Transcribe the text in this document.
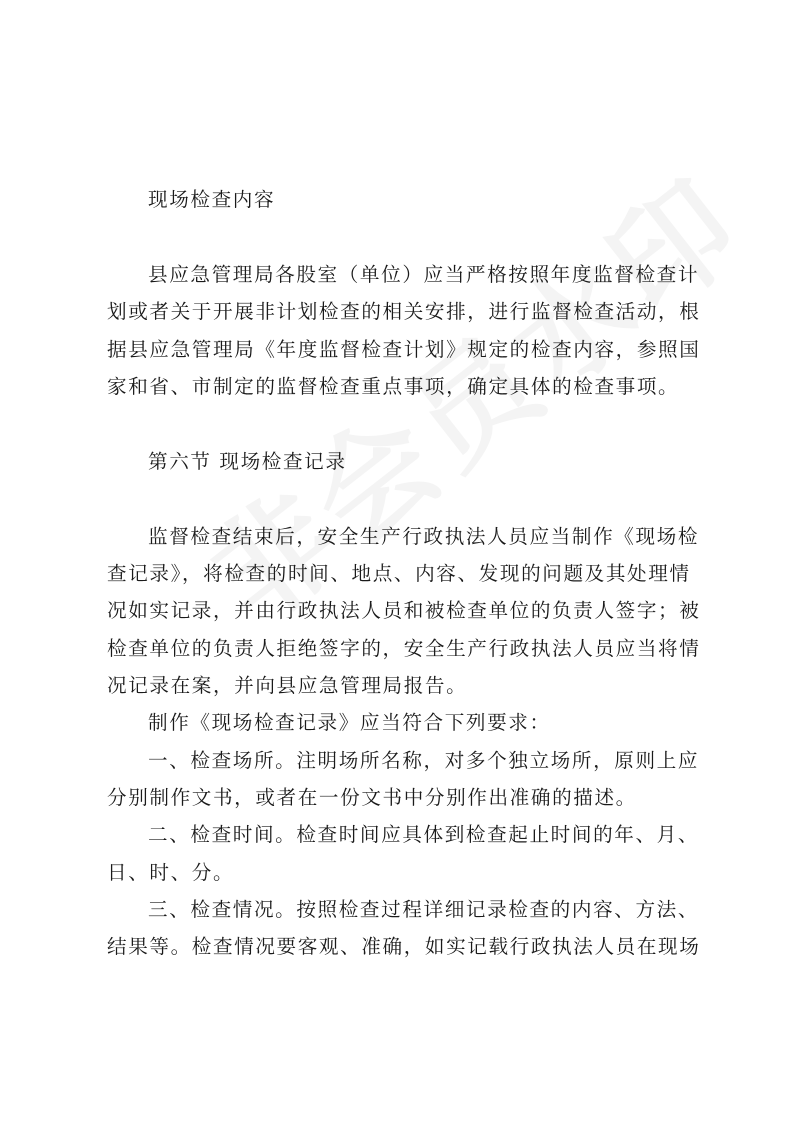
现场检查内容
县应急管理局各股室（单位）应当严格按照年度监督检查计
划或者关于开展非计划检查的相关安排，进行监督检查活动，根
据县应急管理局《年度监督检查计划》规定的检查内容，参照国
家和省、市制定的监督检查重点事项，确定具体的检查事项。
第六节 现场检查记录
监督检查结束后，安全生产行政执法人员应当制作《现场检
查记录》，将检查的时间、地点、内容、发现的问题及其处理情
况如实记录，并由行政执法人员和被检查单位的负责人签字；被
检查单位的负责人拒绝签字的，安全生产行政执法人员应当将情
况记录在案，并向县应急管理局报告。
制作《现场检查记录》应当符合下列要求：
一、检查场所。注明场所名称，对多个独立场所，原则上应
分别制作文书，或者在一份文书中分别作出准确的描述。
二、检查时间。检查时间应具体到检查起止时间的年、月、
日、时、分。
三、检查情况。按照检查过程详细记录检查的内容、方法、
结果等。检查情况要客观、准确，如实记载行政执法人员在现场
